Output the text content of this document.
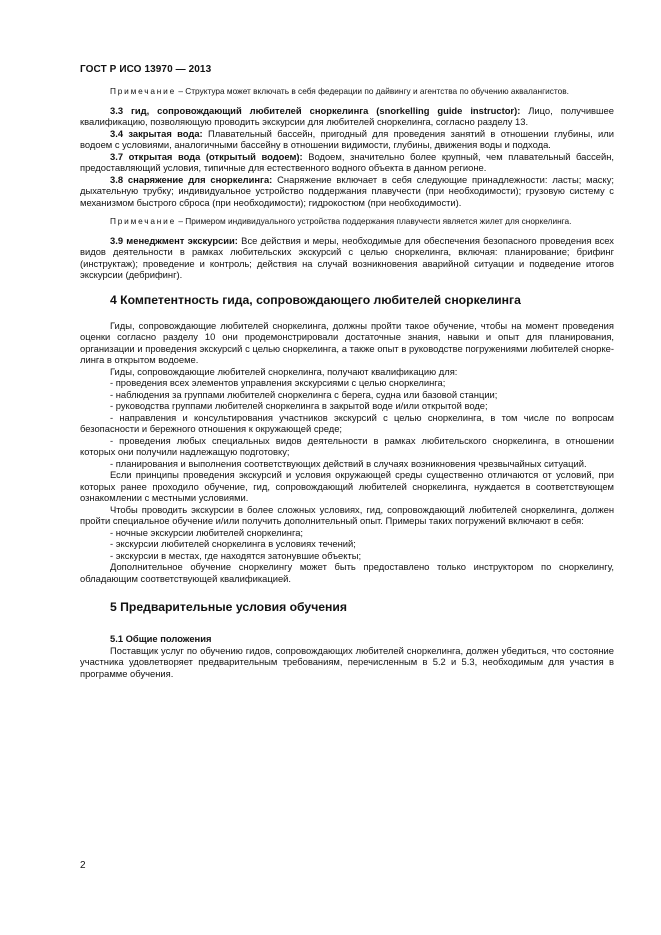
ГОСТ Р ИСО 13970 — 2013

Примечание – Структура может включать в себя федерации по дайвингу и агентства по обучению аквалангистов.

3.3 гид, сопровождающий любителей сноркелинга (snorkelling guide instructor): Лицо, получившее квалификацию, позволяющую проводить экскурсии для любителей сноркелинга, согласно разделу 13.

3.4 закрытая вода: Плавательный бассейн, пригодный для проведения занятий в отношении глубины, или водоем с условиями, аналогичными бассейну в отношении видимости, глубины, движения воды и подхода.

3.7 открытая вода (открытый водоем): Водоем, значительно более крупный, чем плавательный бассейн, предоставляющий условия, типичные для естественного водного объекта в данном регионе.

3.8 снаряжение для сноркелинга: Снаряжение включает в себя следующие принадлежности: ласты; маску; дыхательную трубку; индивидуальное устройство поддержания плавучести (при необходимости); грузовую систему с механизмом быстрого сброса (при необходимости); гидрокостюм (при необходимости).

Примечание – Примером индивидуального устройства поддержания плавучести является жилет для сноркелинга.

3.9 менеджмент экскурсии: Все действия и меры, необходимые для обеспечения безопасного проведения всех видов деятельности в рамках любительских экскурсий с целью сноркелинга, включая: планирование; брифинг (инструктаж); проведение и контроль; действия на случай возникновения аварийной ситуации и подведение итогов экскурсии (дебрифинг).

4 Компетентность гида, сопровождающего любителей сноркелинга

Гиды, сопровождающие любителей сноркелинга, должны пройти такое обучение, чтобы на момент проведения оценки согласно разделу 10 они продемонстрировали достаточные знания, навыки и опыт для планирования, организации и проведения экскурсий с целью сноркелинга, а также опыт в руководстве погружениями любителей сноркелинга в открытом водоеме.

Гиды, сопровождающие любителей сноркелинга, получают квалификацию для:

- проведения всех элементов управления экскурсиями с целью сноркелинга;

- наблюдения за группами любителей сноркелинга с берега, судна или базовой станции;

- руководства группами любителей сноркелинга в закрытой воде и/или открытой воде;

- направления и консультирования участников экскурсий с целью сноркелинга, в том числе по вопросам безопасности и бережного отношения к окружающей среде;

- проведения любых специальных видов деятельности в рамках любительского сноркелинга, в отношении которых они получили надлежащую подготовку;

- планирования и выполнения соответствующих действий в случаях возникновения чрезвычайных ситуаций.

Если принципы проведения экскурсий и условия окружающей среды существенно отличаются от условий, при которых ранее проходило обучение, гид, сопровождающий любителей сноркелинга, нуждается в соответствующем ознакомлении с местными условиями.

Чтобы проводить экскурсии в более сложных условиях, гид, сопровождающий любителей сноркелинга, должен пройти специальное обучение и/или получить дополнительный опыт. Примеры таких погружений включают в себя:

- ночные экскурсии любителей сноркелинга;

- экскурсии любителей сноркелинга в условиях течений;

- экскурсии в местах, где находятся затонувшие объекты;

Дополнительное обучение сноркелингу может быть предоставлено только инструктором по сноркелингу, обладающим соответствующей квалификацией.

5 Предварительные условия обучения
5.1 Общие положения

Поставщик услуг по обучению гидов, сопровождающих любителей сноркелинга, должен убедиться, что состояние участника удовлетворяет предварительным требованиям, перечисленным в 5.2 и 5.3, необходимым для участия в программе обучения.

2
